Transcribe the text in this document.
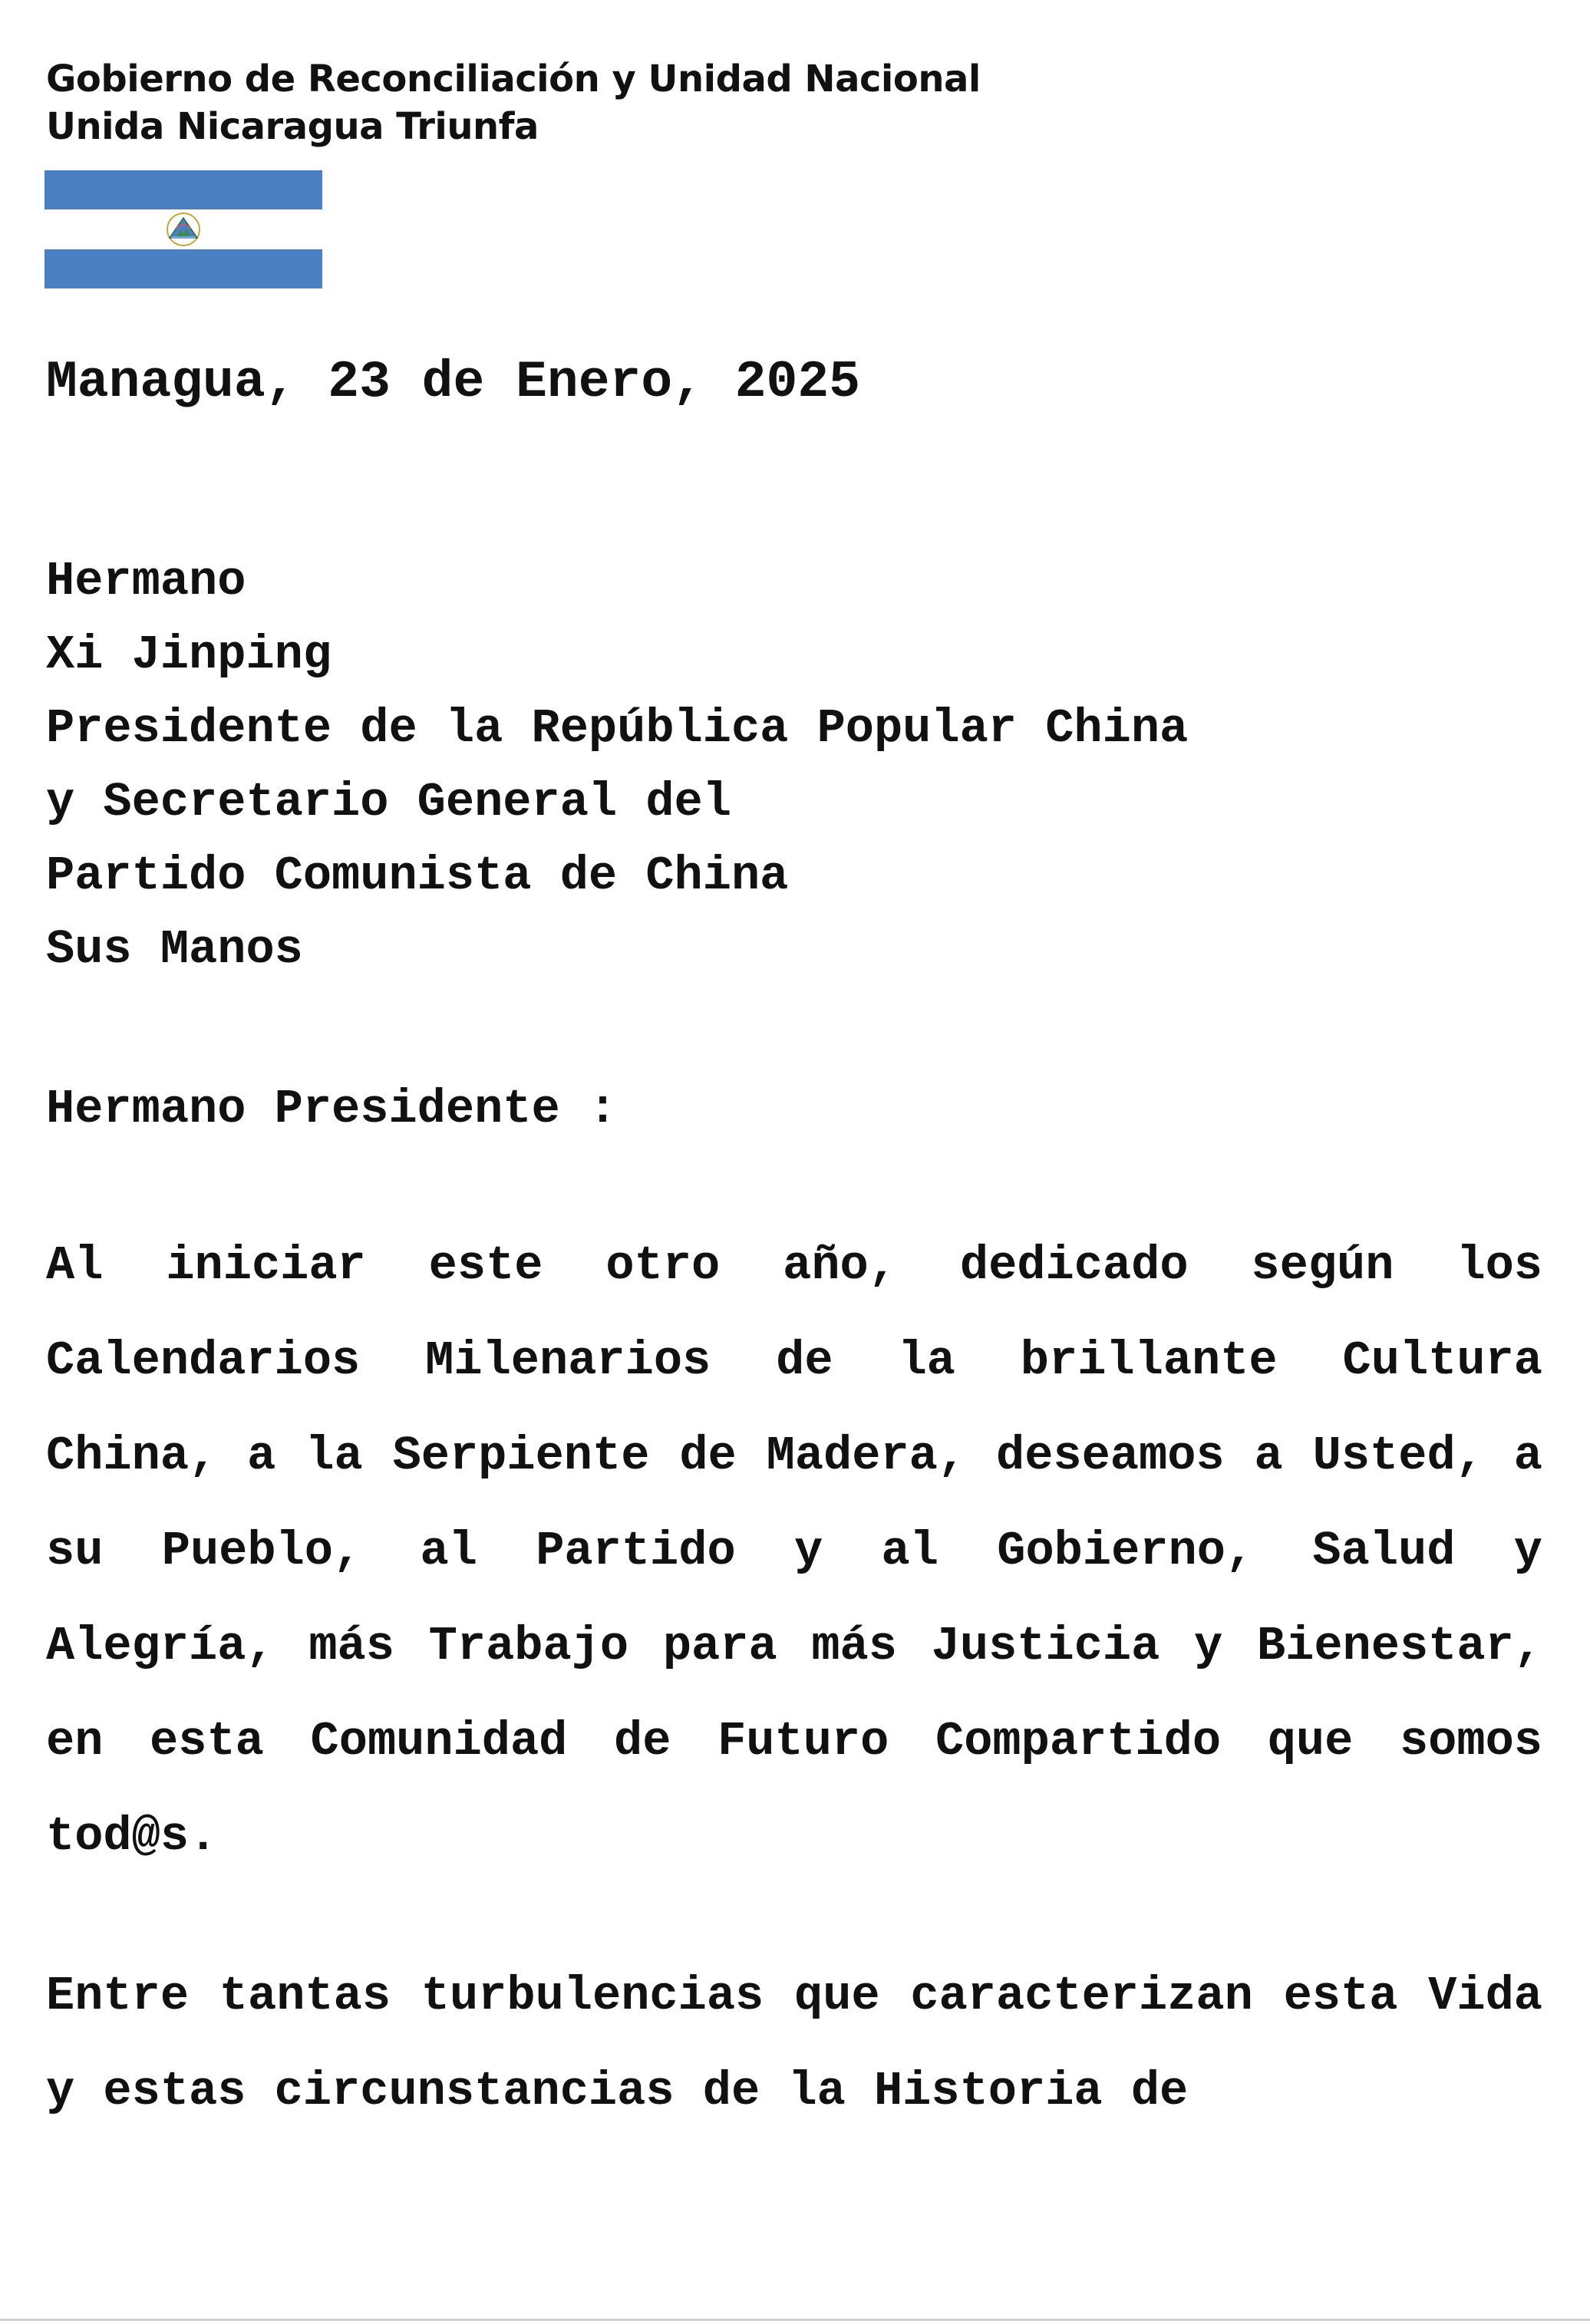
Gobierno de Reconciliación y Unidad Nacional
Unida Nicaragua Triunfa
Managua, 23 de Enero, 2025
Hermano
Xi Jinping
Presidente de la República Popular China
y Secretario General del
Partido Comunista de China
Sus Manos
Hermano Presidente :

Al iniciar este otro año, dedicado según los Calendarios Milenarios de la brillante Cultura China, a la Serpiente de Madera, deseamos a Usted, a su Pueblo, al Partido y al Gobierno, Salud y Alegría, más Trabajo para más Justicia y Bienestar, en esta Comunidad de Futuro Compartido que somos tod@s.

Entre tantas turbulencias que caracterizan esta Vida y estas circunstancias de la Historia de
